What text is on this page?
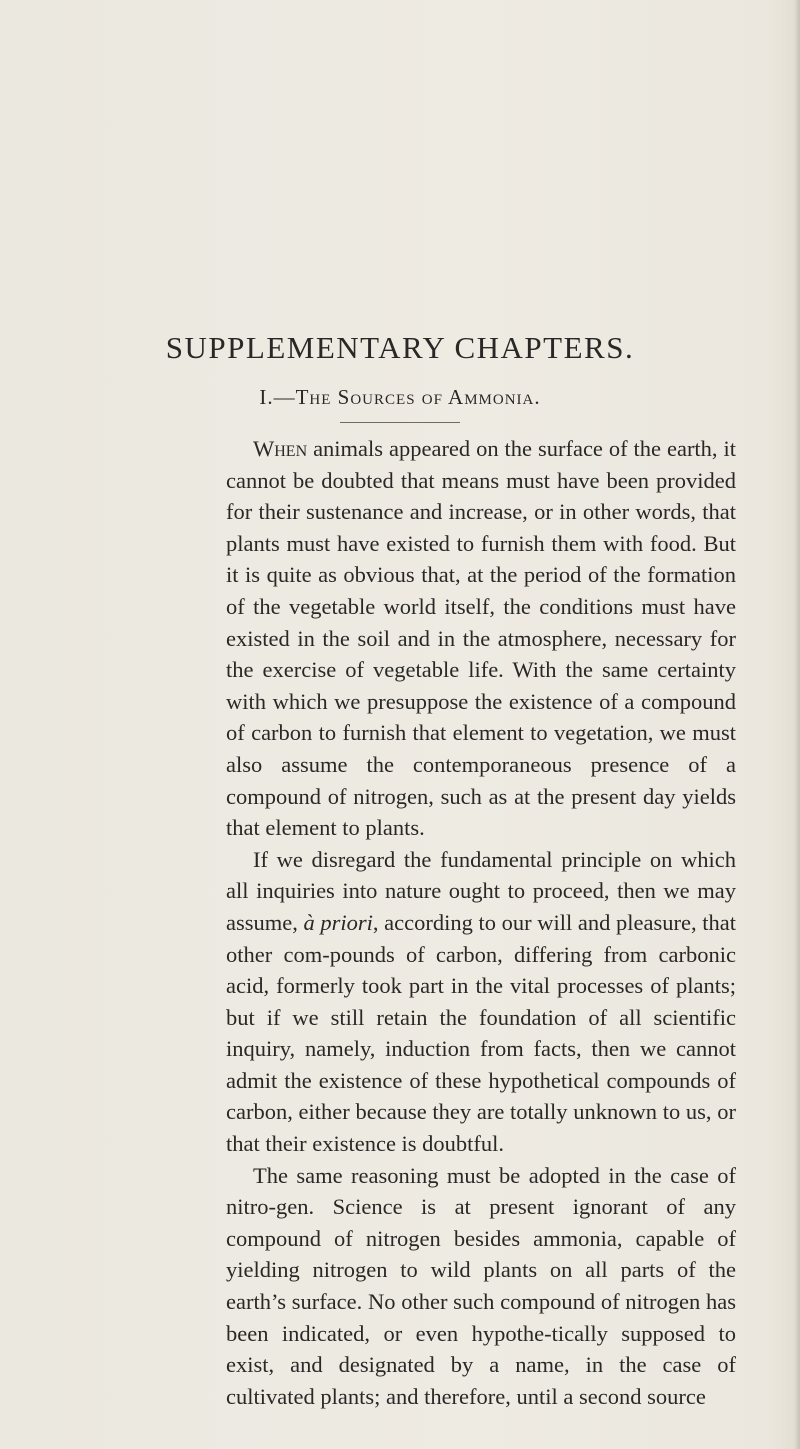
SUPPLEMENTARY CHAPTERS.
I.—The Sources of Ammonia.

When animals appeared on the surface of the earth, it cannot be doubted that means must have been provided for their sustenance and increase, or in other words, that plants must have existed to furnish them with food. But it is quite as obvious that, at the period of the formation of the vegetable world itself, the conditions must have existed in the soil and in the atmosphere, necessary for the exercise of vegetable life. With the same certainty with which we presuppose the existence of a compound of carbon to furnish that element to vegetation, we must also assume the contemporaneous presence of a compound of nitrogen, such as at the present day yields that element to plants.

If we disregard the fundamental principle on which all inquiries into nature ought to proceed, then we may assume, à priori, according to our will and pleasure, that other com-pounds of carbon, differing from carbonic acid, formerly took part in the vital processes of plants; but if we still retain the foundation of all scientific inquiry, namely, induction from facts, then we cannot admit the existence of these hypothetical compounds of carbon, either because they are totally unknown to us, or that their existence is doubtful.

The same reasoning must be adopted in the case of nitro-gen. Science is at present ignorant of any compound of nitrogen besides ammonia, capable of yielding nitrogen to wild plants on all parts of the earth’s surface. No other such compound of nitrogen has been indicated, or even hypothe-tically supposed to exist, and designated by a name, in the case of cultivated plants; and therefore, until a second source
